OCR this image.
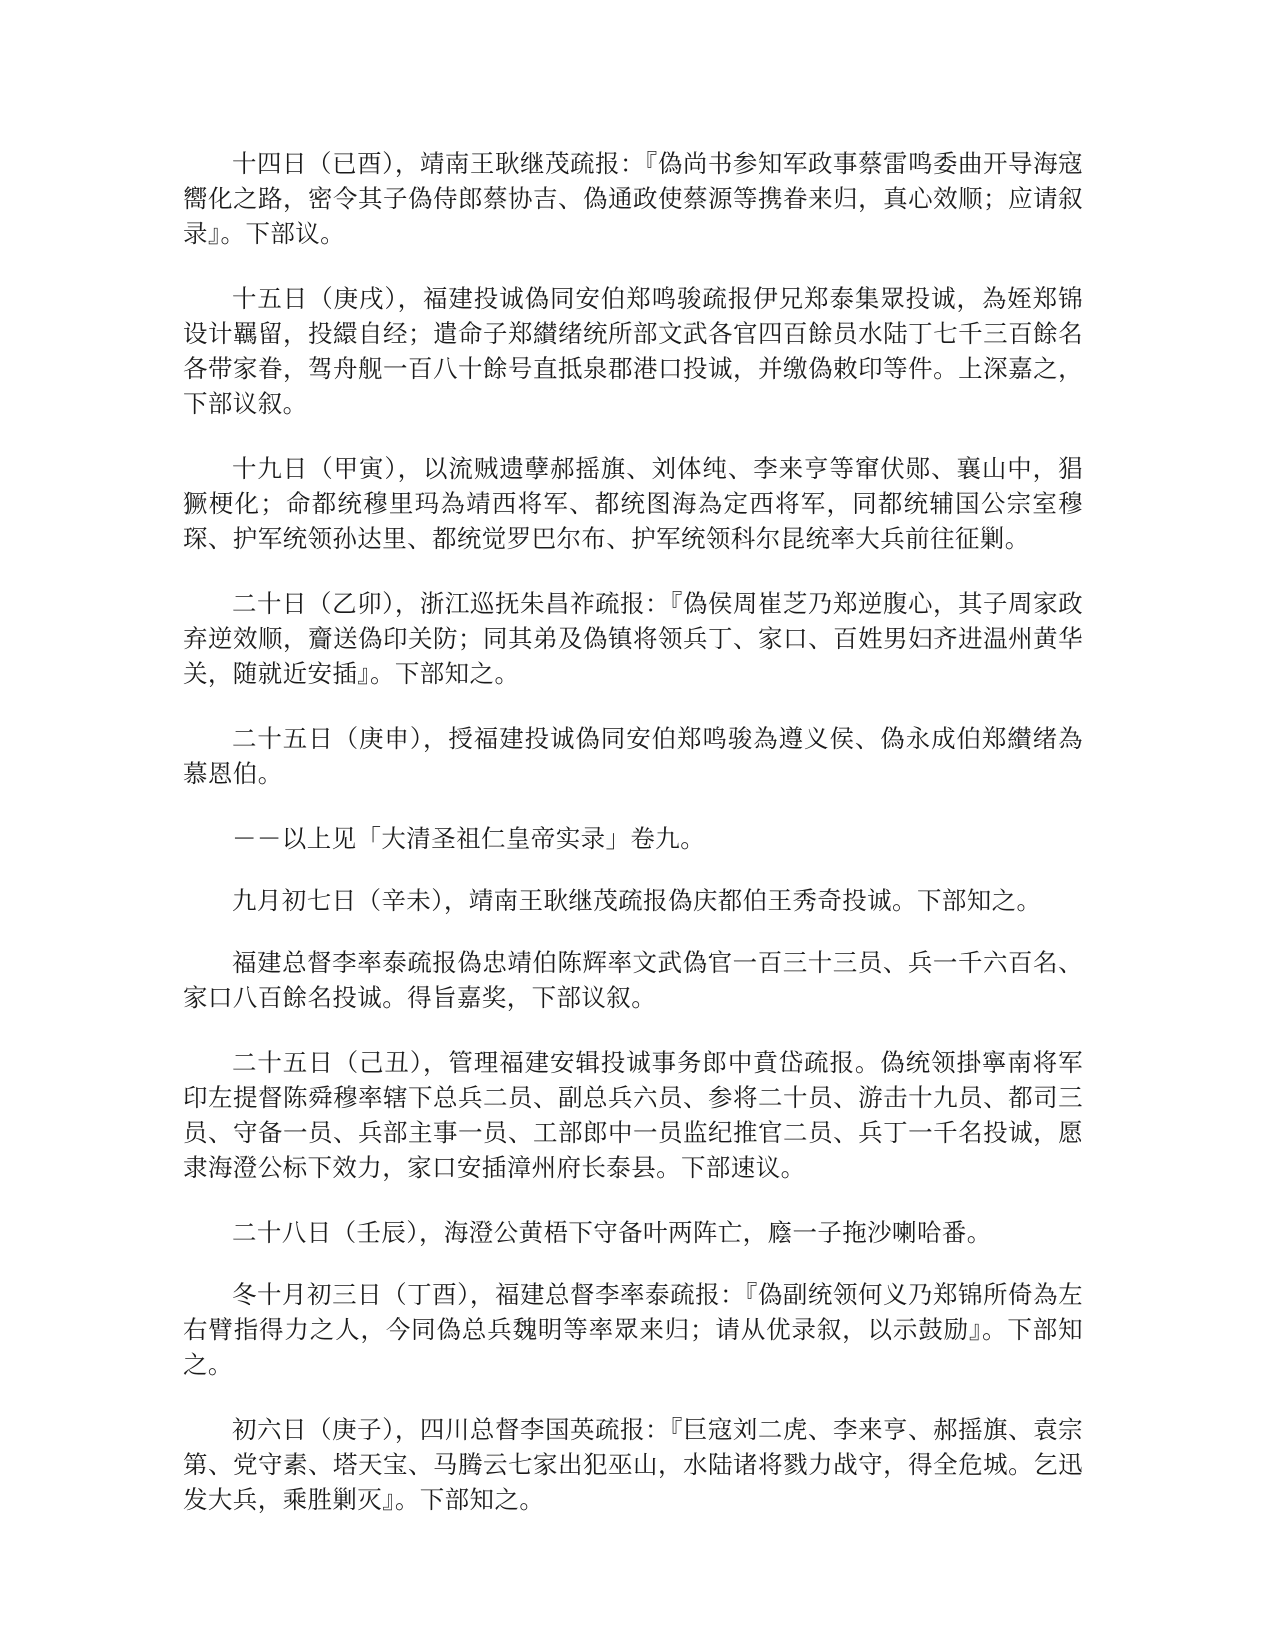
十四日（已酉），靖南王耿继茂疏报：『偽尚书参知军政事蔡雷鸣委曲开导海寇嚮化之路，密令其子偽侍郎蔡协吉、偽通政使蔡源等携眷来归，真心效顺；应请叙录』。下部议。

十五日（庚戌），福建投诚偽同安伯郑鸣骏疏报伊兄郑泰集眾投诚，為姪郑锦设计羈留，投繯自经；遣命子郑纉绪统所部文武各官四百餘员水陆丁七千三百餘名各带家眷，驾舟舰一百八十餘号直抵泉郡港口投诚，并缴偽敕印等件。上深嘉之，下部议叙。

十九日（甲寅），以流贼遗孽郝摇旗、刘体纯、李来亨等窜伏郧、襄山中，猖獗梗化；命都统穆里玛為靖西将军、都统图海為定西将军，同都统辅国公宗室穆琛、护军统领孙达里、都统觉罗巴尔布、护军统领科尔昆统率大兵前往征剿。

二十日（乙卯），浙江巡抚朱昌祚疏报：『偽侯周崔芝乃郑逆腹心，其子周家政弃逆效顺，齎送偽印关防；同其弟及偽镇将领兵丁、家口、百姓男妇齐进温州黄华关，随就近安插』。下部知之。

二十五日（庚申），授福建投诚偽同安伯郑鸣骏為遵义侯、偽永成伯郑纉绪為慕恩伯。

－－以上见「大清圣祖仁皇帝实录」卷九。

九月初七日（辛未），靖南王耿继茂疏报偽庆都伯王秀奇投诚。下部知之。

福建总督李率泰疏报偽忠靖伯陈辉率文武偽官一百三十三员、兵一千六百名、家口八百餘名投诚。得旨嘉奖，下部议叙。

二十五日（己丑），管理福建安辑投诚事务郎中賁岱疏报。偽统领掛寧南将军印左提督陈舜穆率辖下总兵二员、副总兵六员、参将二十员、游击十九员、都司三员、守备一员、兵部主事一员、工部郎中一员监纪推官二员、兵丁一千名投诚，愿隶海澄公标下效力，家口安插漳州府长泰县。下部速议。

二十八日（壬辰），海澄公黄梧下守备叶两阵亡，廕一子拖沙喇哈番。

冬十月初三日（丁酉），福建总督李率泰疏报：『偽副统领何义乃郑锦所倚為左右臂指得力之人，今同偽总兵魏明等率眾来归；请从优录叙，以示鼓励』。下部知之。

初六日（庚子），四川总督李国英疏报：『巨寇刘二虎、李来亨、郝摇旗、袁宗第、党守素、塔天宝、马腾云七家出犯巫山，水陆诸将戮力战守，得全危城。乞迅发大兵，乘胜剿灭』。下部知之。
